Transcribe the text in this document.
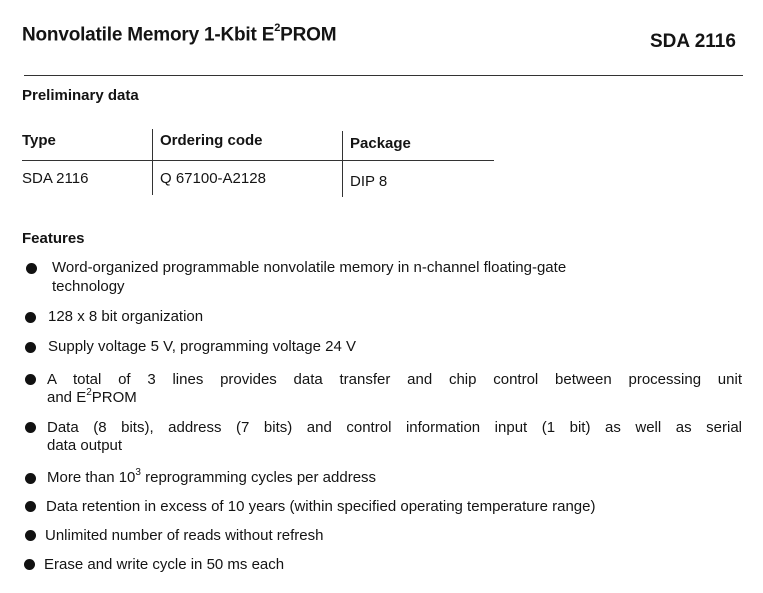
Nonvolatile Memory 1-Kbit $E^2PROM$	SDA 2116
Preliminary data
Type	Ordering code	Package
SDA 2116	Q 67100-A2128	DIP 8
Features
Word-organized programmable nonvolatile memory in n-channel floating-gate
technology
128 x 8 bit organization
Supply voltage 5 V, programming voltage 24 V
A total of 3 lines provides data transfer and chip control between processing unit
and $E^2PROM$
Data (8 bits), address (7 bits) and control information input (1 bit) as well as serial
data output
More than $10^3$ reprogramming cycles per address
Data retention in excess of 10 years (within specified operating temperature range)
Unlimited number of reads without refresh
Erase and write cycle in 50 ms each
